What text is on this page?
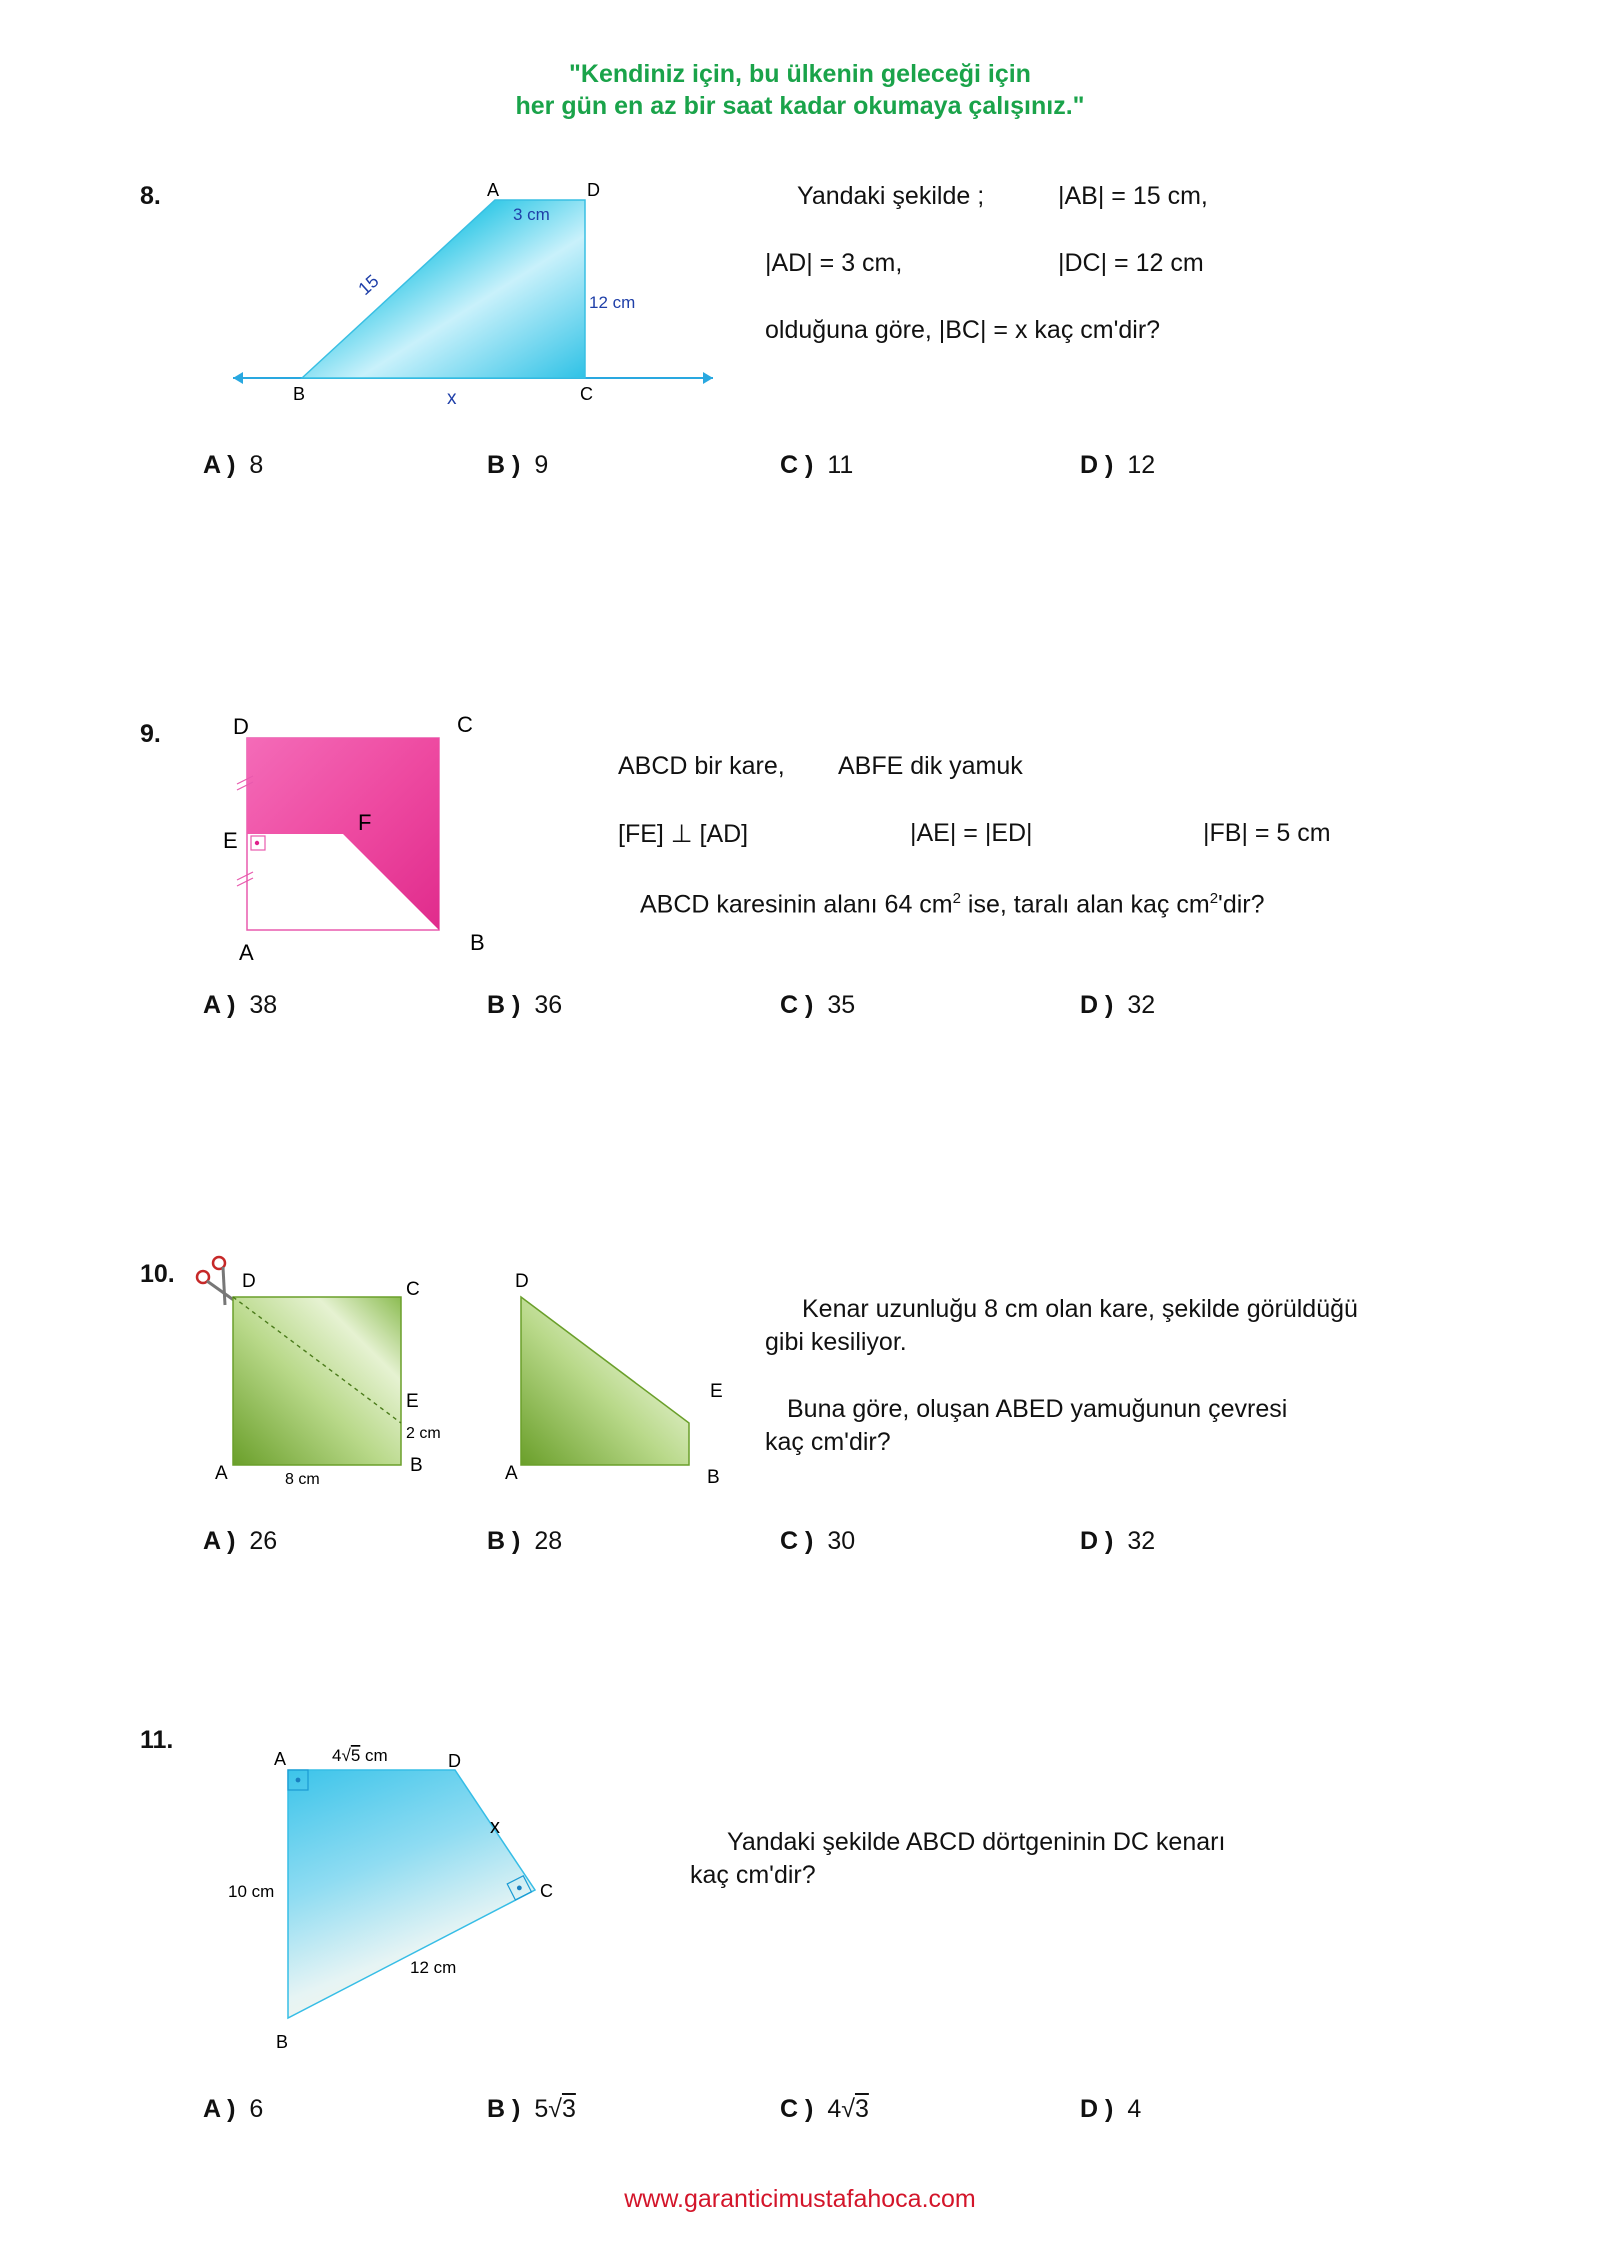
"Kendiniz için, bu ülkenin geleceği için
her gün en az bir saat kadar okumaya çalışınız."
8.	A	D
B	C
3 cm
12 cm
15
x
Yandaki şekilde ;	|AB| = 15 cm,
|AD| = 3 cm,	|DC| = 12 cm
olduğuna göre, |BC| = x kaç cm'dir?
A ) 8	B ) 9	C ) 11	D ) 12
9.	D	C
E
F
A	B
ABCD bir kare, ABFE dik yamuk
[FE] ⊥ [AD]	|AE| = |ED|	|FB| = 5 cm
ABCD karesinin alanı 64 $cm^2$ ise, taralı alan kaç $cm^2'dir$?
A ) 38	B ) 36	C ) 35	D ) 32
10.	D	C
E
2 cm
B
A	8 cm
D
E
B
A
Kenar uzunluğu 8 cm olan kare, şekilde görüldüğü
gibi kesiliyor.
Buna göre, oluşan ABED yamuğunun çevresi
kaç cm'dir?
A ) 26	B ) 28	C ) 30	D ) 32
11.
A	D
C
B
x
10 cm
12 cm
4√5 cm
Yandaki şekilde ABCD dörtgeninin DC kenarı
kaç cm'dir?
A ) 6	B ) 5√3	C ) 4√3	D ) 4
www.garanticimustafahoca.com
